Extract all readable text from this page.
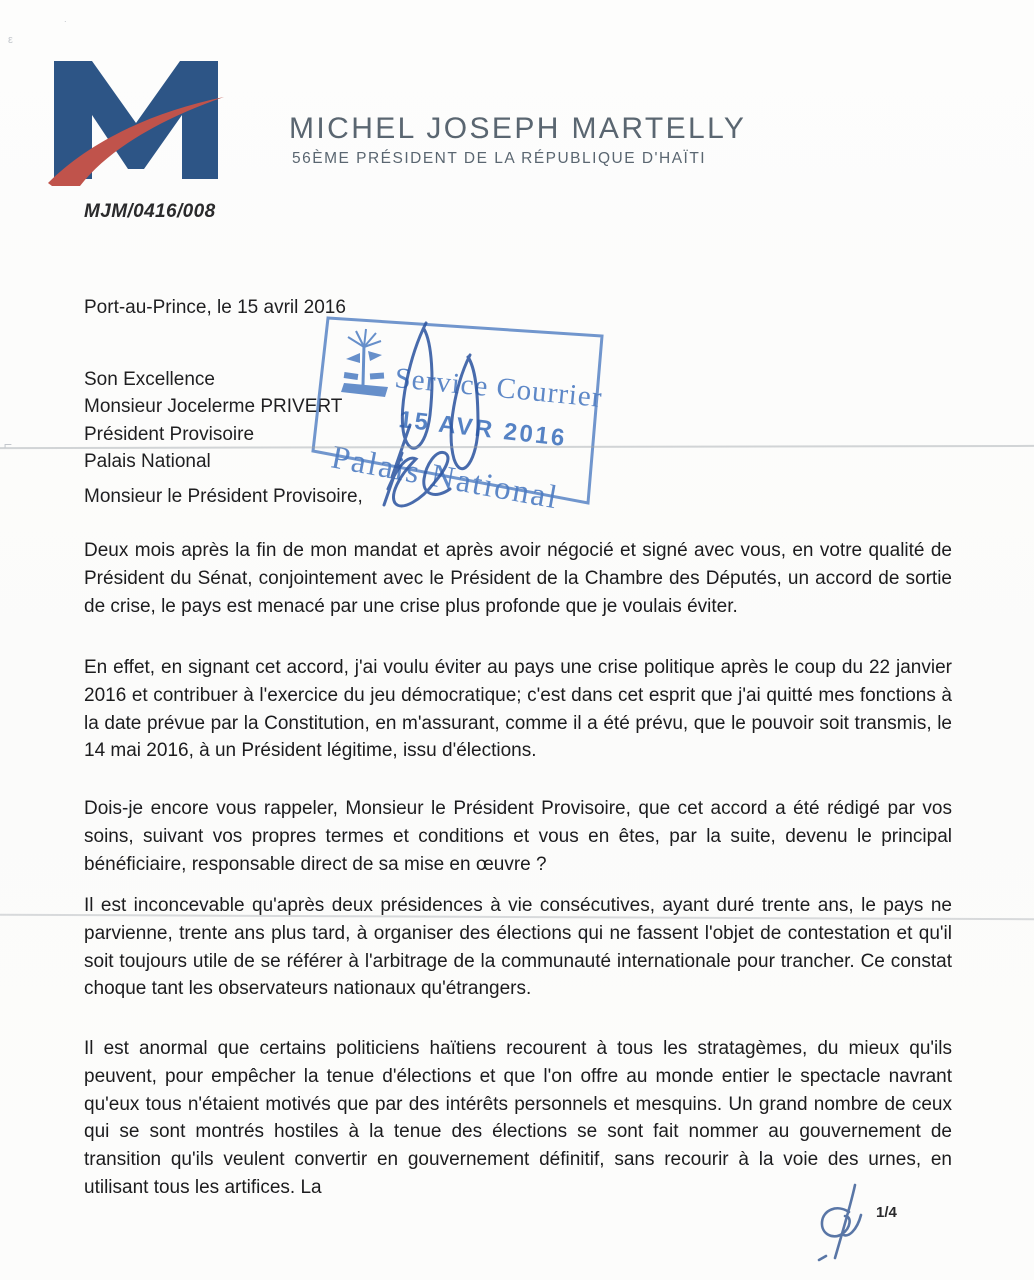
MICHEL JOSEPH MARTELLY
56ÈME PRÉSIDENT DE LA RÉPUBLIQUE D'HAÏTI
MJM/0416/008
Port-au-Prince, le 15 avril 2016
Son Excellence
Monsieur Jocelerme PRIVERT
Président Provisoire
Palais National
Service Courrier
15 AVR 2016
Palais National
Monsieur le Président Provisoire,
Deux mois après la fin de mon mandat et après avoir négocié et signé avec vous, en votre qualité de Président du Sénat, conjointement avec le Président de la Chambre des Députés, un accord de sortie de crise, le pays est menacé par une crise plus profonde que je voulais éviter.
En effet, en signant cet accord, j'ai voulu éviter au pays une crise politique après le coup du 22 janvier 2016 et contribuer à l'exercice du jeu démocratique; c'est dans cet esprit que j'ai quitté mes fonctions à la date prévue par la Constitution, en m'assurant, comme il a été prévu, que le pouvoir soit transmis, le 14 mai 2016, à un Président légitime, issu d'élections.
Dois-je encore vous rappeler, Monsieur le Président Provisoire, que cet accord a été rédigé par vos soins, suivant vos propres termes et conditions et vous en êtes, par la suite, devenu le principal bénéficiaire, responsable direct de sa mise en œuvre ?
Il est inconcevable qu'après deux présidences à vie consécutives, ayant duré trente ans, le pays ne parvienne, trente ans plus tard, à organiser des élections qui ne fassent l'objet de contestation et qu'il soit toujours utile de se référer à l'arbitrage de la communauté internationale pour trancher. Ce constat choque tant les observateurs nationaux qu'étrangers.
Il est anormal que certains politiciens haïtiens recourent à tous les stratagèmes, du mieux qu'ils peuvent, pour empêcher la tenue d'élections et que l'on offre au monde entier le spectacle navrant qu'eux tous n'étaient motivés que par des intérêts personnels et mesquins. Un grand nombre de ceux qui se sont montrés hostiles à la tenue des élections se sont fait nommer au gouvernement de transition qu'ils veulent convertir en gouvernement définitif, sans recourir à la voie des urnes, en utilisant tous les artifices. La
1/4
ε
˙
⌐
